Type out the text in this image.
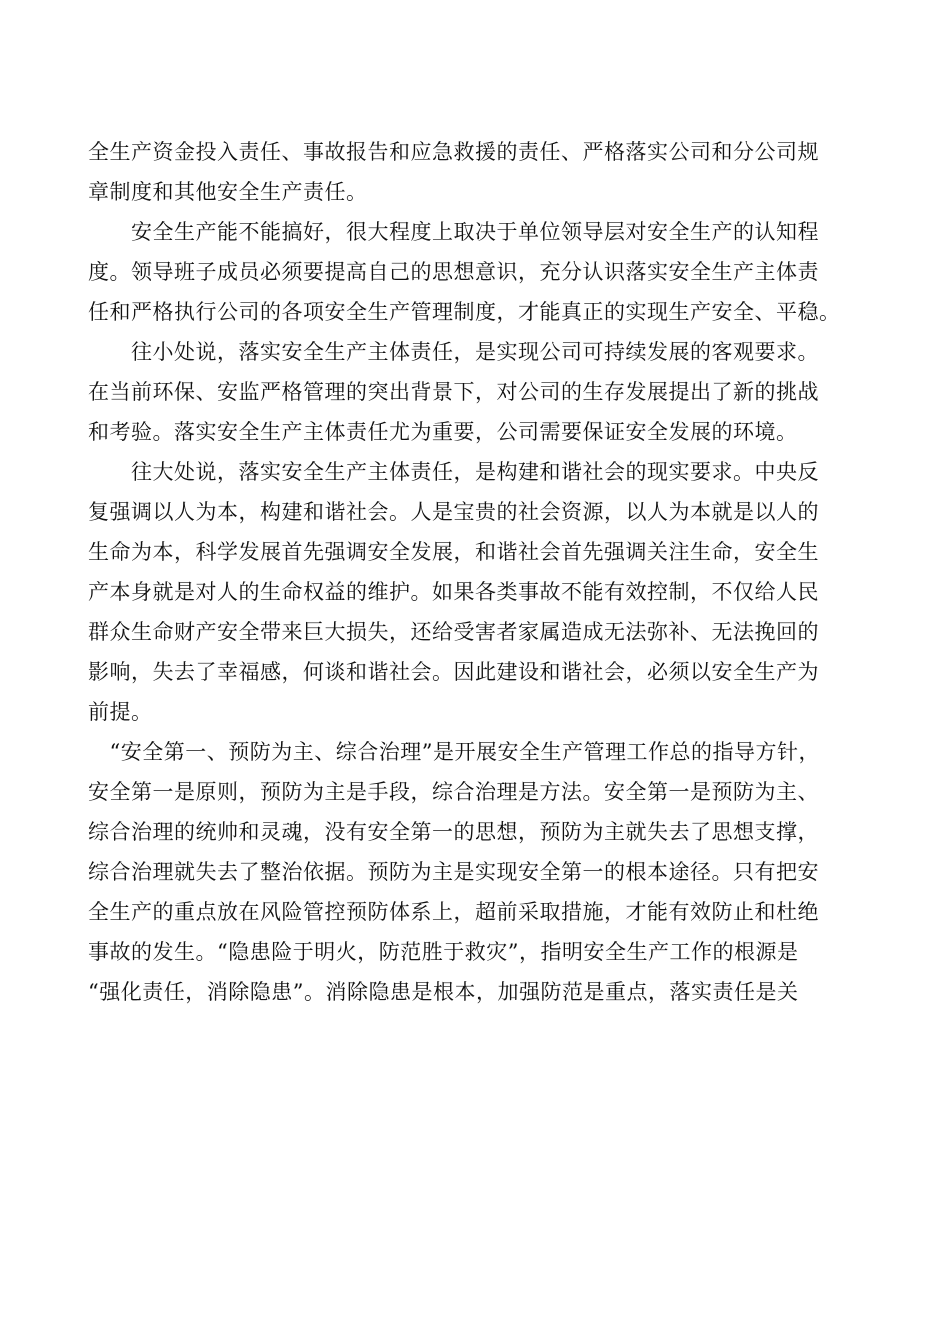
全生产资金投入责任、事故报告和应急救援的责任、严格落实公司和分公司规
章制度和其他安全生产责任。
　　安全生产能不能搞好，很大程度上取决于单位领导层对安全生产的认知程
度。领导班子成员必须要提高自己的思想意识，充分认识落实安全生产主体责
任和严格执行公司的各项安全生产管理制度，才能真正的实现生产安全、平稳。
　　往小处说，落实安全生产主体责任，是实现公司可持续发展的客观要求。
在当前环保、安监严格管理的突出背景下，对公司的生存发展提出了新的挑战
和考验。落实安全生产主体责任尤为重要，公司需要保证安全发展的环境。
　　往大处说，落实安全生产主体责任，是构建和谐社会的现实要求。中央反
复强调以人为本，构建和谐社会。人是宝贵的社会资源，以人为本就是以人的
生命为本，科学发展首先强调安全发展，和谐社会首先强调关注生命，安全生
产本身就是对人的生命权益的维护。如果各类事故不能有效控制，不仅给人民
群众生命财产安全带来巨大损失，还给受害者家属造成无法弥补、无法挽回的
影响，失去了幸福感，何谈和谐社会。因此建设和谐社会，必须以安全生产为
前提。
　“安全第一、预防为主、综合治理”是开展安全生产管理工作总的指导方针，
安全第一是原则，预防为主是手段，综合治理是方法。安全第一是预防为主、
综合治理的统帅和灵魂，没有安全第一的思想，预防为主就失去了思想支撑，
综合治理就失去了整治依据。预防为主是实现安全第一的根本途径。只有把安
全生产的重点放在风险管控预防体系上，超前采取措施，才能有效防止和杜绝
事故的发生。“隐患险于明火，防范胜于救灾”，指明安全生产工作的根源是
“强化责任，消除隐患”。消除隐患是根本，加强防范是重点，落实责任是关
